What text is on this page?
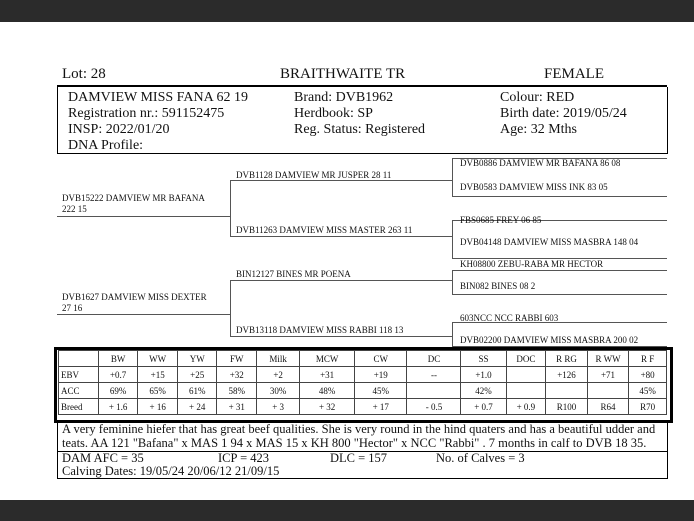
Lot: 28	BRAITHWAITE TR	FEMALE
DAMVIEW MISS FANA 62 19
Registration nr.: 591152475
INSP: 2022/01/20
DNA Profile:
Brand: DVB1962
Herdbook: SP
Reg. Status: Registered
Colour: RED
Birth date: 2019/05/24
Age: 32 Mths
DVB15222 DAMVIEW MR BAFANA
222 15
DVB1627 DAMVIEW MISS DEXTER
27 16
DVB1128 DAMVIEW MR JUSPER 28 11
DVB11263 DAMVIEW MISS MASTER 263 11
BIN12127 BINES MR POENA
DVB13118 DAMVIEW MISS RABBI 118 13
DVB0886 DAMVIEW MR BAFANA 86 08
DVB0583 DAMVIEW MISS INK 83 05
FBS0685 FREY 06 85
DVB04148 DAMVIEW MISS MASBRA 148 04
KH08800 ZEBU-RABA MR HECTOR
BIN082 BINES 08 2
603NCC NCC RABBI 603
DVB02200 DAMVIEW MISS MASBRA 200 02
	BW	WW	YW	FW	Milk	MCW	CW	DC	SS	DOC	R RG	R WW	R F
EBV	+0.7	+15	+25	+32	+2	+31	+19	--	+1.0		+126	+71	+80
ACC	69%	65%	61%	58%	30%	48%	45%		42%				45%
Breed	+ 1.6	+ 16	+ 24	+ 31	+ 3	+ 32	+ 17	- 0.5	+ 0.7	+ 0.9	R100	R64	R70
A very feminine hiefer that has great beef qualities. She is very round in the hind quaters and has a beautiful udder and
teats. AA 121 "Bafana" x MAS 1 94 x MAS 15 x KH 800 "Hector" x NCC "Rabbi" . 7 months in calf to DVB 18 35.
DAM AFC = 35	ICP = 423	DLC = 157	No. of Calves = 3
Calving Dates: 19/05/24 20/06/12 21/09/15
